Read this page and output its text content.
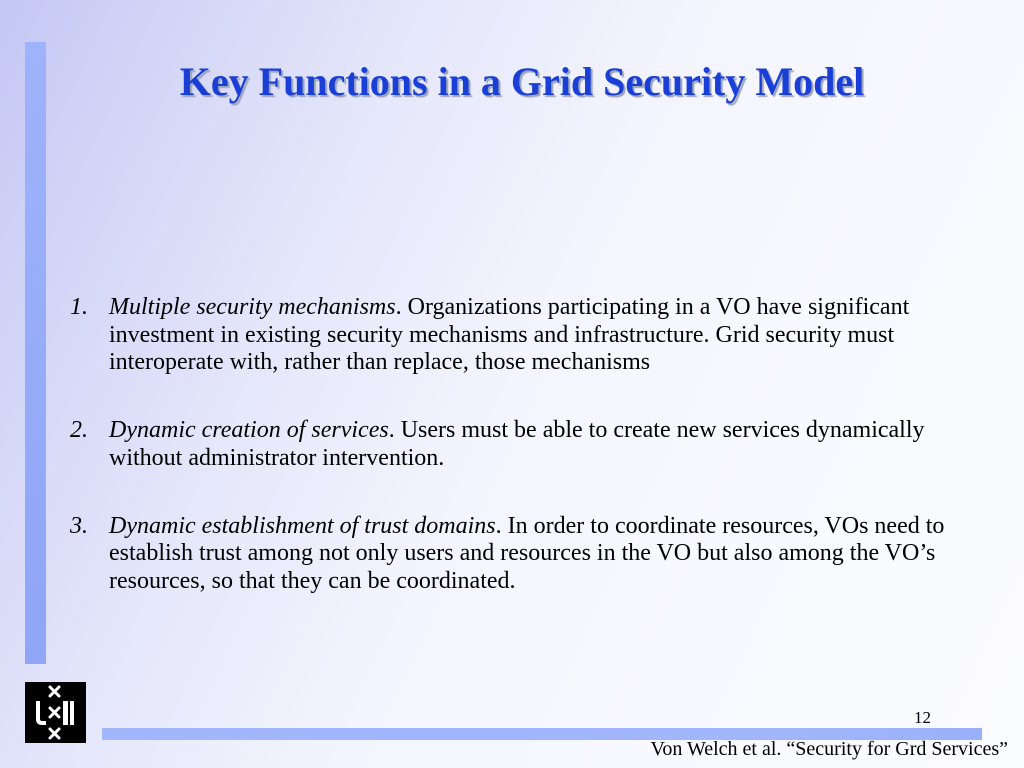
Key Functions in a Grid Security Model
1. Multiple security mechanisms. Organizations participating in a VO have significant investment in existing security mechanisms and infrastructure. Grid security must interoperate with, rather than replace, those mechanisms
2. Dynamic creation of services. Users must be able to create new services dynamically without administrator intervention.
3. Dynamic establishment of trust domains. In order to coordinate resources, VOs need to establish trust among not only users and resources in the VO but also among the VO’s resources, so that they can be coordinated.
12
Von Welch et al. “Security for Grd Services”
